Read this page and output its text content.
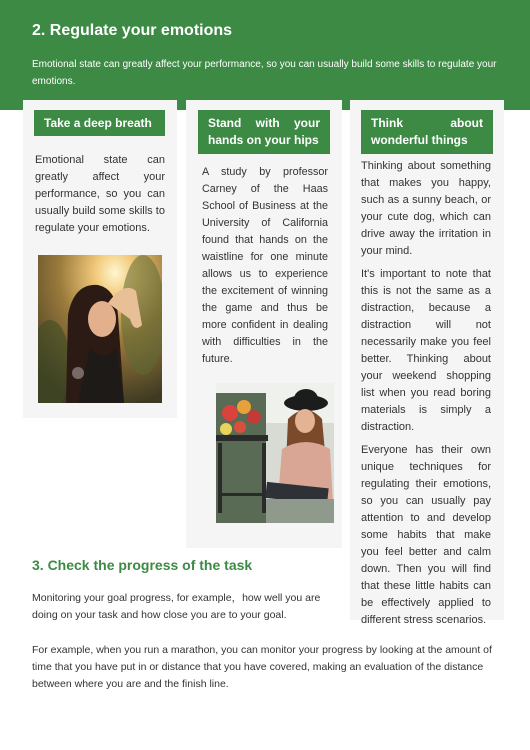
2. Regulate your emotions
Emotional state can greatly affect your performance, so you can usually build some skills to regulate your emotions.
Take a deep breath
Emotional state can greatly affect your performance, so you can usually build some skills to regulate your emotions.
Stand with your hands on your hips
A study by professor Carney of the Haas School of Business at the University of California found that hands on the waistline for one minute allows us to experience the excitement of winning the game and thus be more confident in dealing with difficulties in the future.
Think about wonderful things

Thinking about something that makes you happy, such as a sunny beach, or your cute dog, which can drive away the irritation in your mind.

It's important to note that this is not the same as a distraction, because a distraction will not necessarily make you feel better. Thinking about your weekend shopping list when you read boring materials is simply a distraction.

Everyone has their own unique techniques for regulating their emotions, so you can usually pay attention to and develop some habits that make you feel better and calm down. Then you will find that these little habits can be effectively applied to different stress scenarios.

3. Check the progress of the task
Monitoring your goal progress, for example，how well you are doing on your task and how close you are to your goal.
For example, when you run a marathon, you can monitor your progress by looking at the amount of time that you have put in or distance that you have covered, making an evaluation of the distance between where you are and the finish line.
